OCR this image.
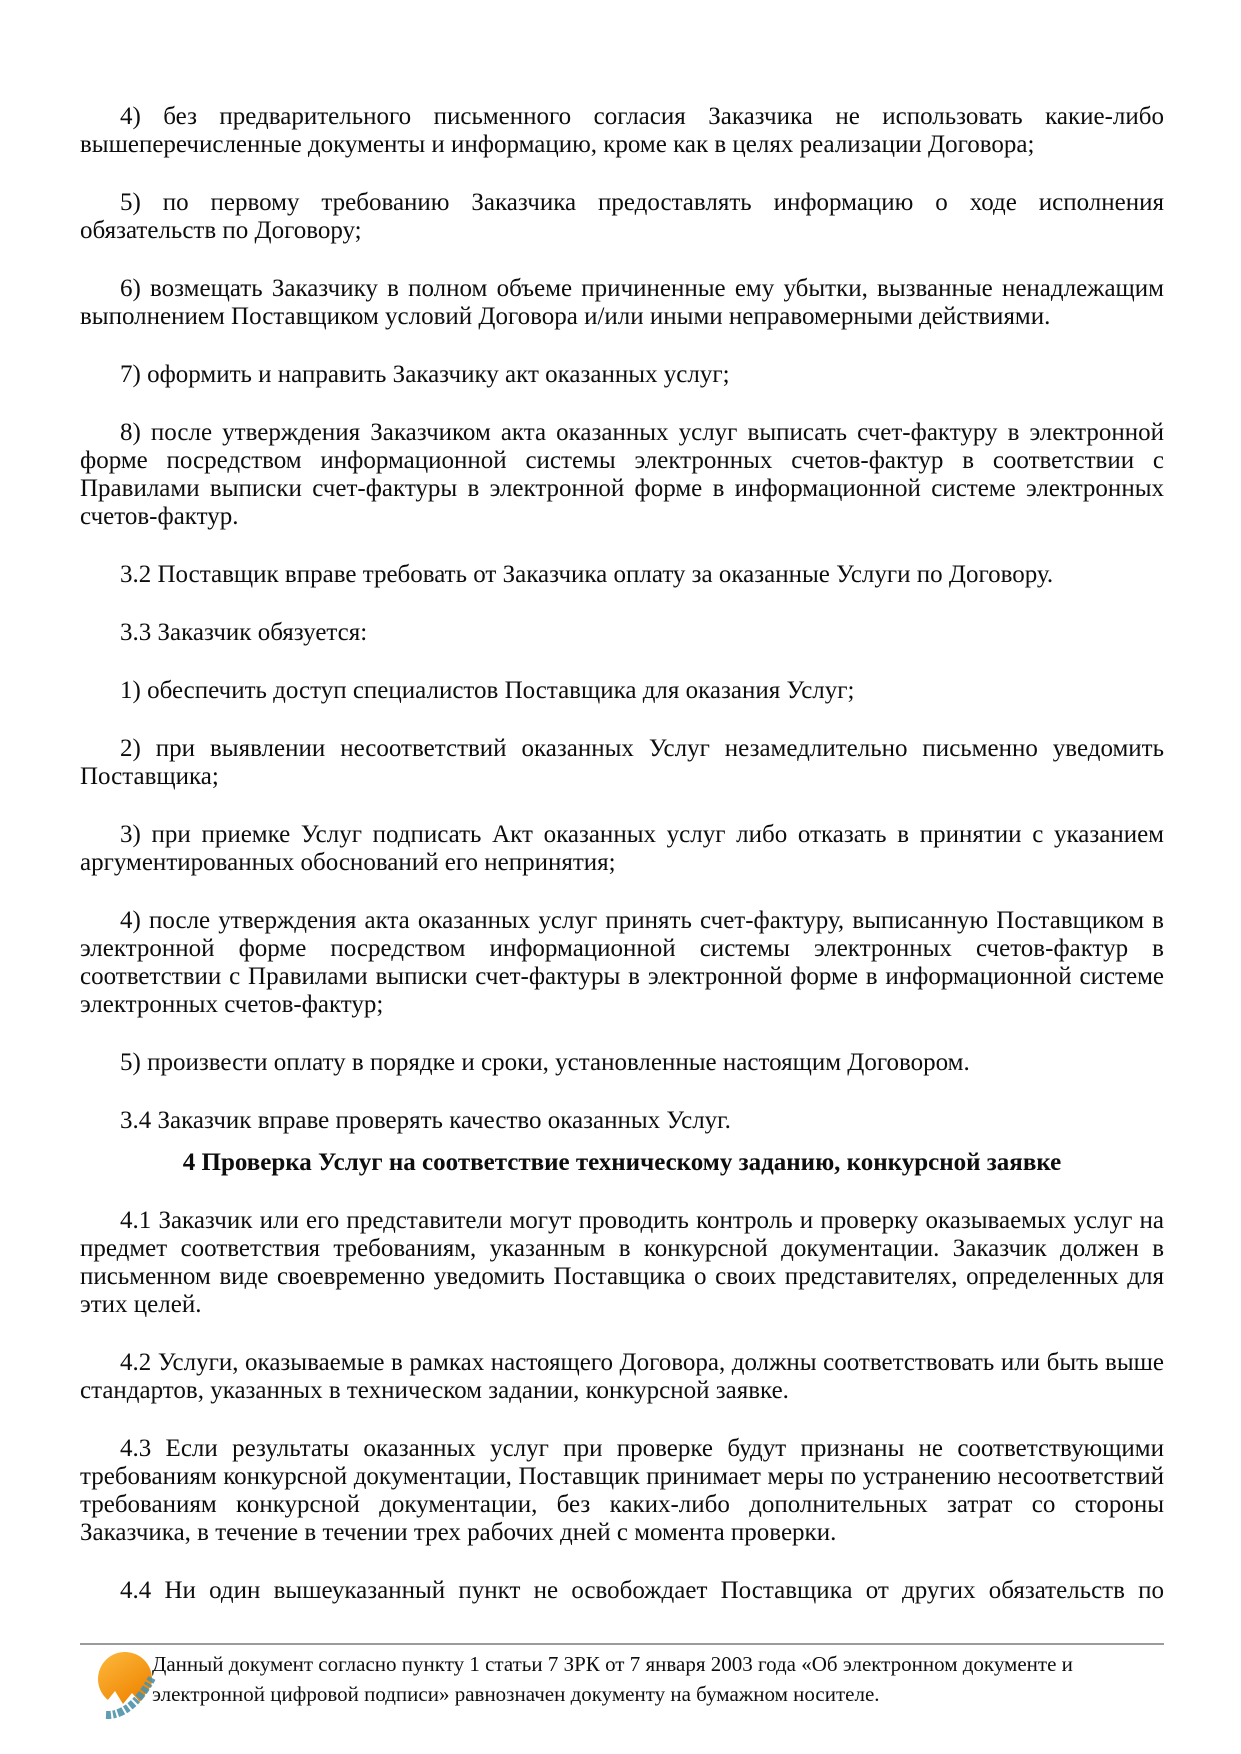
4) без предварительного письменного согласия Заказчика не использовать какие-либо вышеперечисленные документы и информацию, кроме как в целях реализации Договора;

5) по первому требованию Заказчика предоставлять информацию о ходе исполнения обязательств по Договору;

6) возмещать Заказчику в полном объеме причиненные ему убытки, вызванные ненадлежащим выполнением Поставщиком условий Договора и/или иными неправомерными действиями.

7) оформить и направить Заказчику акт оказанных услуг;

8) после утверждения Заказчиком акта оказанных услуг выписать счет-фактуру в электронной форме посредством информационной системы электронных счетов-фактур в соответствии с Правилами выписки счет-фактуры в электронной форме в информационной системе электронных счетов-фактур.

3.2 Поставщик вправе требовать от Заказчика оплату за оказанные Услуги по Договору.

3.3 Заказчик обязуется:

1) обеспечить доступ специалистов Поставщика для оказания Услуг;

2) при выявлении несоответствий оказанных Услуг незамедлительно письменно уведомить Поставщика;

3) при приемке Услуг подписать Акт оказанных услуг либо отказать в принятии с указанием аргументированных обоснований его непринятия;

4) после утверждения акта оказанных услуг принять счет-фактуру, выписанную Поставщиком в электронной форме посредством информационной системы электронных счетов-фактур в соответствии с Правилами выписки счет-фактуры в электронной форме в информационной системе электронных счетов-фактур;

5) произвести оплату в порядке и сроки, установленные настоящим Договором.

3.4 Заказчик вправе проверять качество оказанных Услуг.

4 Проверка Услуг на соответствие техническому заданию, конкурсной заявке

4.1 Заказчик или его представители могут проводить контроль и проверку оказываемых услуг на предмет соответствия требованиям, указанным в конкурсной документации. Заказчик должен в письменном виде своевременно уведомить Поставщика о своих представителях, определенных для этих целей.

4.2 Услуги, оказываемые в рамках настоящего Договора, должны соответствовать или быть выше стандартов, указанных в техническом задании, конкурсной заявке.

4.3 Если результаты оказанных услуг при проверке будут признаны не соответствующими требованиям конкурсной документации, Поставщик принимает меры по устранению несоответствий требованиям конкурсной документации, без каких-либо дополнительных затрат со стороны Заказчика, в течение в течении трех рабочих дней с момента проверки.

4.4 Ни один вышеуказанный пункт не освобождает Поставщика от других обязательств по

Данный документ согласно пункту 1 статьи 7 ЗРК от 7 января 2003 года «Об электронном документе и
электронной цифровой подписи» равнозначен документу на бумажном носителе.
